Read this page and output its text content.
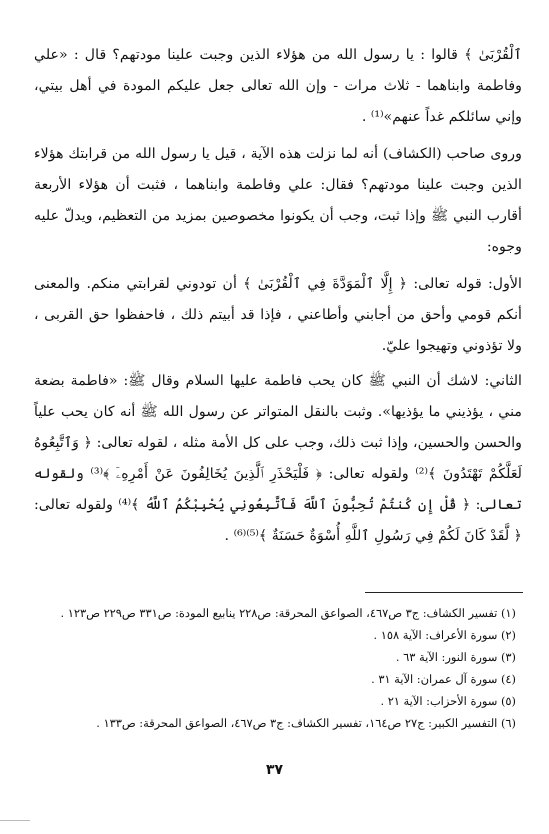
ٱلْقُرْبَىٰ ﴾ قالوا : يا رسول الله من هؤلاء الذين وجبت علينا مودتهم؟ قال : «علي وفاطمة وابناهما - ثلاث مرات - وإن الله تعالى جعل عليكم المودة في أهل بيتي، وإني سائلكم غداً عنهم»⁽¹⁾ .

وروى صاحب (الكشاف) أنه لما نزلت هذه الآية ، قيل يا رسول الله من قرابتك هؤلاء الذين وجبت علينا مودتهم؟ فقال: علي وفاطمة وابناهما ، فثبت أن هؤلاء الأربعة أقارب النبي ﷺ وإذا ثبت، وجب أن يكونوا مخصوصين بمزيد من التعظيم، ويدلّ عليه وجوه:

الأول: قوله تعالى: ﴿ إِلَّا ٱلْمَوَدَّةَ فِي ٱلْقُرْبَىٰ ﴾ أن تودوني لقرابتي منكم. والمعنى أنكم قومي وأحق من أجابني وأطاعني ، فإذا قد أبيتم ذلك ، فاحفظوا حق القربى ، ولا تؤذوني وتهيجوا عليّ.

الثاني: لاشك أن النبي ﷺ كان يحب فاطمة عليها السلام وقال ﷺ: «فاطمة بضعة مني ، يؤذيني ما يؤذيها». وثبت بالنقل المتواتر عن رسول الله ﷺ أنه كان يحب علياً والحسن والحسين، وإذا ثبت ذلك، وجب على كل الأمة مثله ، لقوله تعالى: ﴿ وَٱتَّبِعُوهُ لَعَلَّكُمْ تَهْتَدُونَ ﴾⁽²⁾ ولقوله تعالى: ﴿ فَلْيَحْذَرِ ٱلَّذِينَ يُخَالِفُونَ عَنْ أَمْرِهِۦٓ ﴾⁽³⁾ ولقوله تعالى: ﴿ قُلْ إِن كُنتُمْ تُحِبُّونَ ٱللَّهَ فَٱتَّبِعُونِي يُحْبِبْكُمُ ٱللَّهُ ﴾⁽⁴⁾ ولقوله تعالى: ﴿ لَّقَدْ كَانَ لَكُمْ فِي رَسُولِ ٱللَّهِ أُسْوَةٌ حَسَنَةٌ ﴾⁽⁵⁾⁽⁶⁾ .

(١) تفسير الكشاف: ج٣ ص٤٦٧، الصواعق المحرقة: ص٢٢٨ ينابيع المودة: ص٣٣١ ص٢٢٩ ص١٢٣ .

(٢) سورة الأعراف: الآية ١٥٨ .

(٣) سورة النور: الآية ٦٣ .

(٤) سورة آل عمران: الآية ٣١ .

(٥) سورة الأحزاب: الآية ٢١ .

(٦) التفسير الكبير: ج٢٧ ص١٦٤، تفسير الكشاف: ج٣ ص٤٦٧، الصواعق المحرقة: ص١٣٣ .

٣٧
